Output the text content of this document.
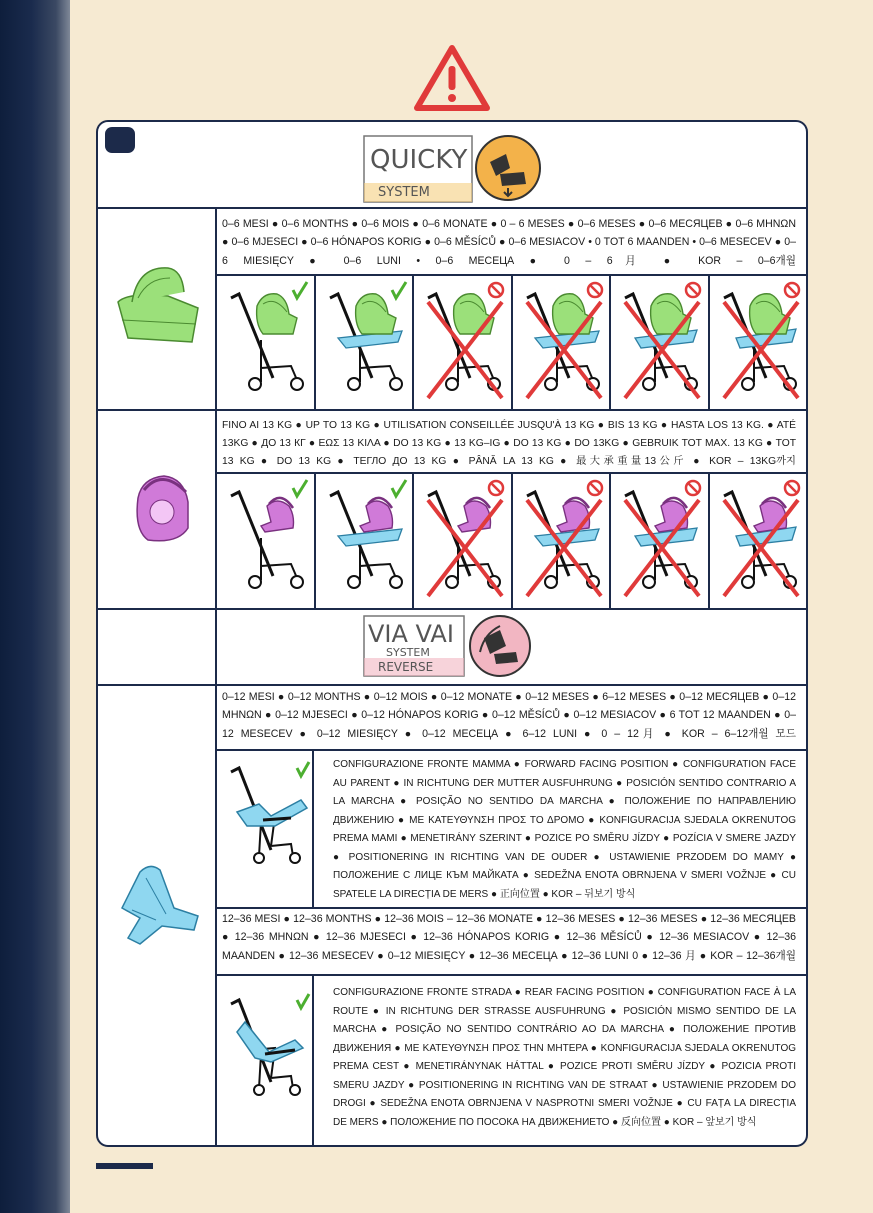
QUICKY
SYSTEM
0–6 MESI ● 0–6 MONTHS ● 0–6 MOIS ● 0–6 MONATE ● 0 – 6 MESES ● 0–6 MESES ● 0–6 МЕСЯЦЕВ ● 0–6 ΜΗΝΩΝ ● 0–6 MJESECI ● 0–6 HÓNAPOS KORIG ● 0–6 MĚSÍCŮ ● 0–6 MESIACOV • 0 TOT 6 MAANDEN • 0–6 MESECEV ● 0–6 MIESIĘCY ● 0–6 LUNI • 0–6 МЕСЕЦА ● 0 – 6月 ● KOR – 0–6개월
FINO AI 13 KG ● UP TO 13 KG ● UTILISATION CONSEILLÉE JUSQU'À 13 KG ● BIS 13 KG ● HASTA LOS 13 KG. ● ATÉ 13KG ● ДО 13 КГ ● ΕΩΣ 13 ΚΙΛΑ ● DO 13 KG ● 13 KG–IG ● DO 13 KG ● DO 13KG ● GEBRUIK TOT MAX. 13 KG ● TOT 13 KG ● DO 13 KG ● ТЕГЛО ДО 13 KG ● PÂNĂ LA 13 KG ● 最大承重量13公斤 ● KOR – 13KG까지
VIA VAI
SYSTEM
REVERSE
0–12 MESI ● 0–12 MONTHS ● 0–12 MOIS ● 0–12 MONATE ● 0–12 MESES ● 6–12 MESES ● 0–12 МЕСЯЦЕВ ● 0–12 ΜΗΝΩΝ ● 0–12 MJESECI ● 0–12 HÓNAPOS KORIG ● 0–12 MĚSÍCŮ ● 0–12 MESIACOV ● 6 TOT 12 MAANDEN ● 0–12 MESECEV ● 0–12 MIESIĘCY ● 0–12 МЕСЕЦА ● 6–12 LUNI ● 0 – 12月 ● KOR – 6–12개월 모드
CONFIGURAZIONE FRONTE MAMMA ● FORWARD FACING POSITION ● CONFIGURATION FACE AU PARENT ● IN RICHTUNG DER MUTTER AUSFUHRUNG ● POSICIÓN SENTIDO CONTRARIO A LA MARCHA ● POSIÇÃO NO SENTIDO DA MARCHA ● ПОЛОЖЕНИЕ ПО НАПРАВЛЕНИЮ ДВИЖЕНИЮ ● ΜΕ ΚΑΤΕΥΘΥΝΣΗ ΠΡΟΣ ΤΟ ΔΡΟΜΟ ● KONFIGURACIJA SJEDALA OKRENUTOG PREMA MAMI ● MENETIRÁNY SZERINT ● POZICE PO SMĚRU JÍZDY ● POZÍCIA V SMERE JAZDY ● POSITIONERING IN RICHTING VAN DE OUDER ● USTAWIENIE PRZODEM DO MAMY ● ПОЛОЖЕНИЕ С ЛИЦЕ КЪМ МАЙКАТА ● SEDEŽNA ENOTA OBRNJENA V SMERI VOŽNJE ● CU SPATELE LA DIRECȚIA DE MERS ● 正向位置 ● KOR – 뒤보기 방식
12–36 MESI ● 12–36 MONTHS ● 12–36 MOIS – 12–36 MONATE ● 12–36 MESES ● 12–36 MESES ● 12–36 МЕСЯЦЕВ ● 12–36 ΜΗΝΩΝ ● 12–36 MJESECI ● 12–36 HÓNAPOS KORIG ● 12–36 MĚSÍCŮ ● 12–36 MESIACOV ● 12–36 MAANDEN ● 12–36 MESECEV ● 0–12 MIESIĘCY ● 12–36 МЕСЕЦА ● 12–36 LUNI 0 ● 12–36 月 ● KOR – 12–36개월
CONFIGURAZIONE FRONTE STRADA ● REAR FACING POSITION ● CONFIGURATION FACE À LA ROUTE ● IN RICHTUNG DER STRASSE AUSFUHRUNG ● POSICIÓN MISMO SENTIDO DE LA MARCHA ● POSIÇÃO NO SENTIDO CONTRÁRIO AO DA MARCHA ● ПОЛОЖЕНИЕ ПРОТИВ ДВИЖЕНИЯ ● ΜΕ ΚΑΤΕΥΘΥΝΣΗ ΠΡΟΣ ΤΗΝ ΜΗΤΕΡΑ ● KONFIGURACIJA SJEDALA OKRENUTOG PREMA CEST ● MENETIRÁNYNAK HÁTTAL ● POZICE PROTI SMĚRU JÍZDY ● POZICIA PROTI SMERU JAZDY ● POSITIONERING IN RICHTING VAN DE STRAAT ● USTAWIENIE PRZODEM DO DROGI ● SEDEŽNA ENOTA OBRNJENA V NASPROTNI SMERI VOŽNJE ● CU FAȚA LA DIRECȚIA DE MERS ● ПОЛОЖЕНИЕ ПО ПОСОКА НА ДВИЖЕНИЕТО ● 反向位置 ● KOR – 앞보기 방식
